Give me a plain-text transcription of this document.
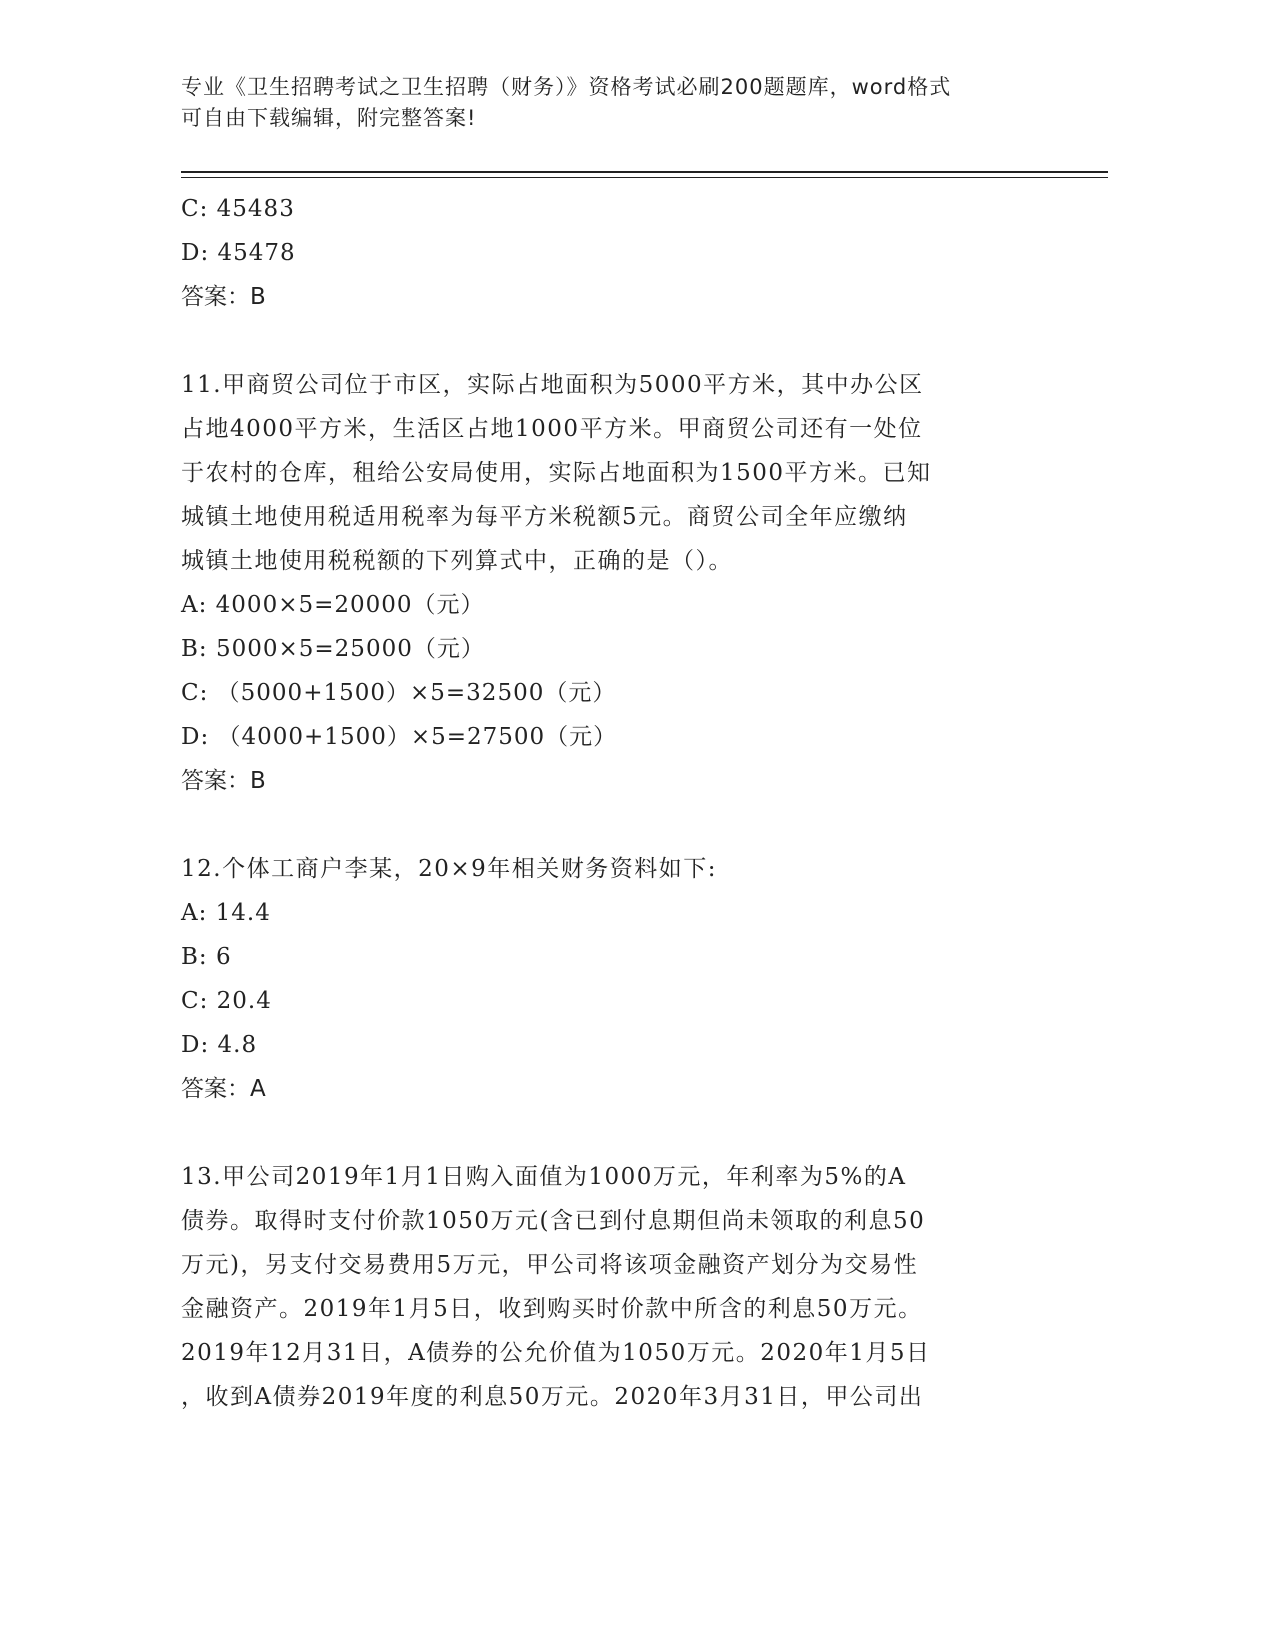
专业《卫生招聘考试之卫生招聘（财务）》资格考试必刷200题题库，word格式
可自由下载编辑，附完整答案!
C: 45483
D: 45478
答案：B
11.甲商贸公司位于市区，实际占地面积为5000平方米，其中办公区
占地4000平方米，生活区占地1000平方米。甲商贸公司还有一处位
于农村的仓库，租给公安局使用，实际占地面积为1500平方米。已知
城镇土地使用税适用税率为每平方米税额5元。商贸公司全年应缴纳
城镇土地使用税税额的下列算式中，正确的是（）。
A: 4000×5=20000（元）
B: 5000×5=25000（元）
C: （5000+1500）×5=32500（元）
D: （4000+1500）×5=27500（元）
答案：B
12.个体工商户李某，20×9年相关财务资料如下:
A: 14.4
B: 6
C: 20.4
D: 4.8
答案：A
13.甲公司2019年1月1日购入面值为1000万元，年利率为5%的A
债券。取得时支付价款1050万元(含已到付息期但尚未领取的利息50
万元)，另支付交易费用5万元，甲公司将该项金融资产划分为交易性
金融资产。2019年1月5日，收到购买时价款中所含的利息50万元。
2019年12月31日，A债券的公允价值为1050万元。2020年1月5日
，收到A债券2019年度的利息50万元。2020年3月31日，甲公司出
